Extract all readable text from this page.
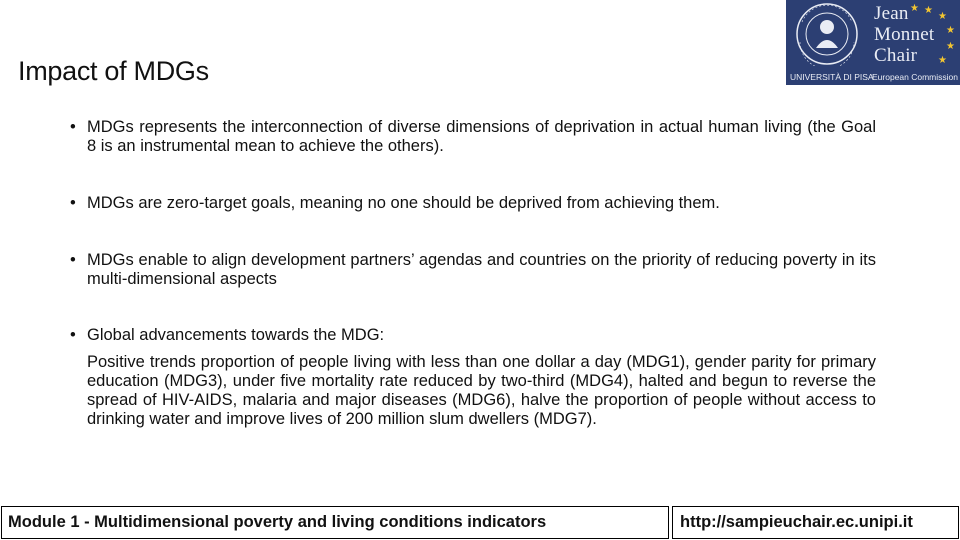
Impact of MDGs
Jean
Monnet
Chair
UNIVERSITÀ DI PISA
European Commission
★
★
★
★
★
★
• MDGs represents the interconnection of diverse dimensions of deprivation in actual human living (the Goal 8 is an instrumental mean to achieve the others).
• MDGs are zero-target goals, meaning no one should be deprived from achieving them.
• MDGs enable to align development partners’ agendas and countries on the priority of reducing poverty in its multi-dimensional aspects
• Global advancements towards the MDG:

Positive trends proportion of people living with less than one dollar a day (MDG1), gender parity for primary education (MDG3), under five mortality rate reduced by two-third (MDG4), halted and begun to reverse the spread of HIV-AIDS, malaria and major diseases (MDG6), halve the proportion of people without access to drinking water and improve lives of 200 million slum dwellers (MDG7).

Module 1 - Multidimensional poverty and living conditions indicators	http://sampieuchair.ec.unipi.it
